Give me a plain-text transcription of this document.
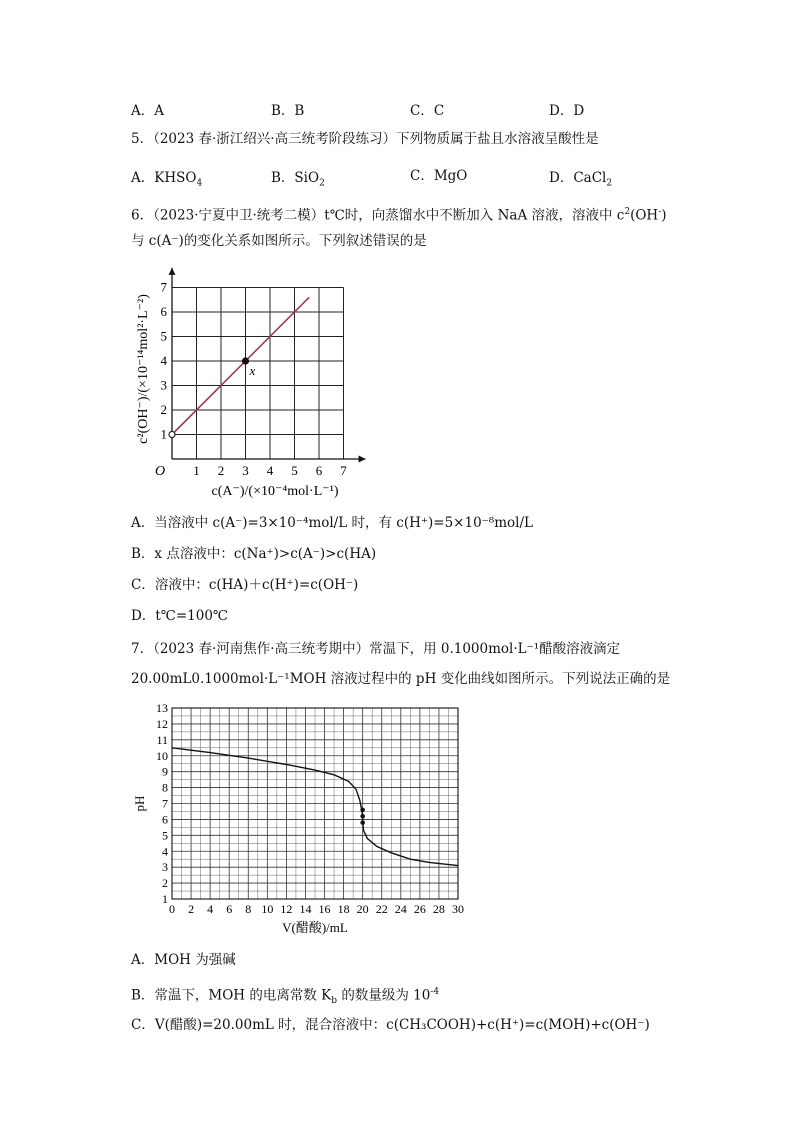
A．A	B．B	C．C	D．D
5．（2023 春·浙江绍兴·高三统考阶段练习）下列物质属于盐且水溶液呈酸性是
A．$KHSO_4$	B．SiO$_2$	C．MgO	D．CaCl$_2$
6．（2023·宁夏中卫·统考二模）t℃时，向蒸馏水中不断加入 NaA 溶液，溶液中 $c^2(OH^-)$
与 c(A⁻)的变化关系如图所示。下列叙述错误的是
1 2 3 4 5 6 7
1
2
3
4
5
6
7
O
x
c(A⁻)/(×10⁻⁴mol·L⁻¹)
c²(OH⁻)/(×10⁻¹⁴mol²·L⁻²)
A．当溶液中 c(A⁻)=3×10⁻⁴mol/L 时，有 c(H⁺)=5×10⁻⁸mol/L
B．x 点溶液中：c(Na⁺)>c(A⁻)>c(HA)
C．溶液中：c(HA)＋c(H⁺)=c(OH⁻)
D．t℃=100℃
7．（2023 春·河南焦作·高三统考期中）常温下，用 0.1000mol·L⁻¹醋酸溶液滴定
20.00mL0.1000mol·L⁻¹MOH 溶液过程中的 pH 变化曲线如图所示。下列说法正确的是
0 2 4 6 8 10 12 14 16 18 20 22 24 26 28 30
1
2
3
4
5
6
7
8
9
10
11
12
13
V(醋酸)/mL
pH
A．MOH 为强碱
B．常温下，MOH 的电离常数 $K_b$ 的数量级为 $10^{-4}$
C．V(醋酸)=20.00mL 时，混合溶液中：c(CH₃COOH)+c(H⁺)=c(MOH)+c(OH⁻)
